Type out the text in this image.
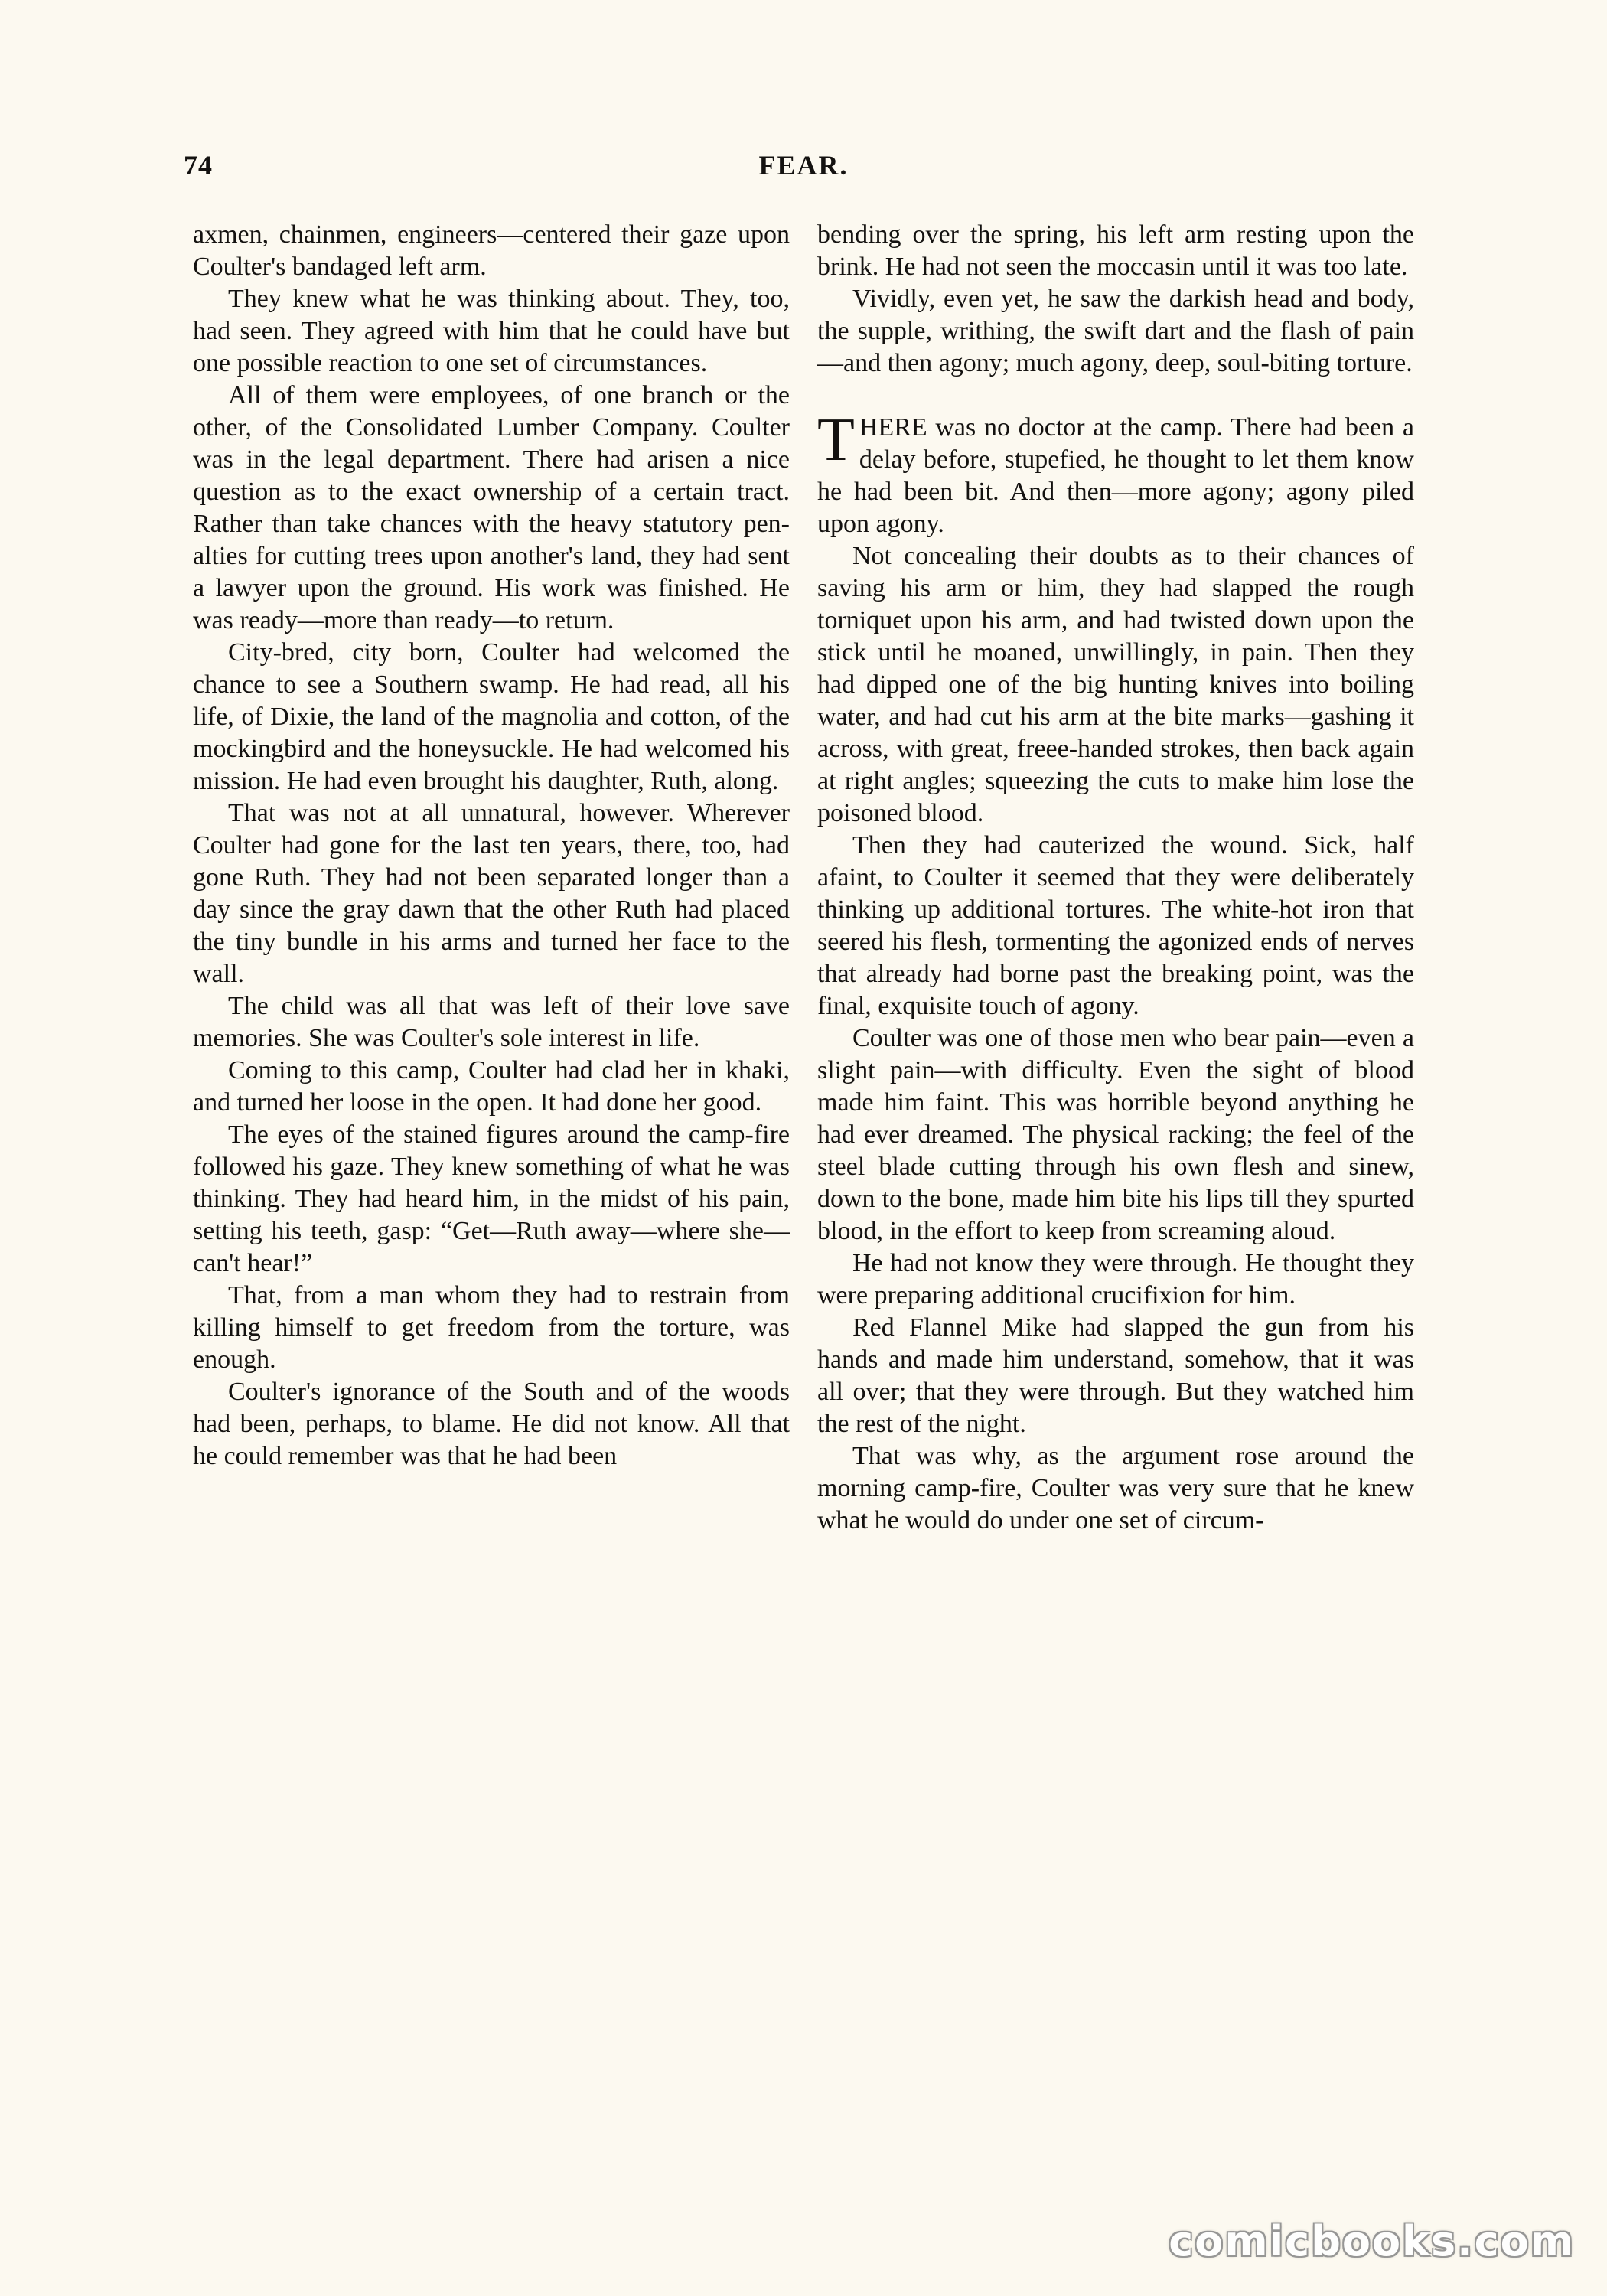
74	FEAR.

axmen, chainmen, engineers—centered their gaze upon Coulter's bandaged left arm.

They knew what he was thinking about. They, too, had seen. They agreed with him that he could have but one possible reaction to one set of circumstances.

All of them were employees, of one branch or the other, of the Consolidated Lumber Company. Coulter was in the legal department. There had arisen a nice question as to the exact ownership of a certain tract. Rather than take chances with the heavy statutory penalties for cutting trees upon another's land, they had sent a lawyer upon the ground. His work was finished. He was ready—more than ready—to return.

City-bred, city born, Coulter had welcomed the chance to see a Southern swamp. He had read, all his life, of Dixie, the land of the magnolia and cotton, of the mockingbird and the honeysuckle. He had welcomed his mission. He had even brought his daughter, Ruth, along.

That was not at all unnatural, however. Wherever Coulter had gone for the last ten years, there, too, had gone Ruth. They had not been separated longer than a day since the gray dawn that the other Ruth had placed the tiny bundle in his arms and turned her face to the wall.

The child was all that was left of their love save memories. She was Coulter's sole interest in life.

Coming to this camp, Coulter had clad her in khaki, and turned her loose in the open. It had done her good.

The eyes of the stained figures around the camp-fire followed his gaze. They knew something of what he was thinking. They had heard him, in the midst of his pain, setting his teeth, gasp: “Get—Ruth away—where she—can't hear!”

That, from a man whom they had to restrain from killing himself to get freedom from the torture, was enough.

Coulter's ignorance of the South and of the woods had been, perhaps, to blame. He did not know. All that he could remember was that he had been

bending over the spring, his left arm resting upon the brink. He had not seen the moccasin until it was too late.

Vividly, even yet, he saw the darkish head and body, the supple, writhing, the swift dart and the flash of pain—and then agony; much agony, deep, soul-biting torture.

THERE was no doctor at the camp. There had been a delay before, stupefied, he thought to let them know he had been bit. And then—more agony; agony piled upon agony.

Not concealing their doubts as to their chances of saving his arm or him, they had slapped the rough torniquet upon his arm, and had twisted down upon the stick until he moaned, unwillingly, in pain. Then they had dipped one of the big hunting knives into boiling water, and had cut his arm at the bite marks—gashing it across, with great, freee-handed strokes, then back again at right angles; squeezing the cuts to make him lose the poisoned blood.

Then they had cauterized the wound. Sick, half afaint, to Coulter it seemed that they were deliberately thinking up additional tortures. The white-hot iron that seered his flesh, tormenting the agonized ends of nerves that already had borne past the breaking point, was the final, exquisite touch of agony.

Coulter was one of those men who bear pain—even a slight pain—with difficulty. Even the sight of blood made him faint. This was horrible beyond anything he had ever dreamed. The physical racking; the feel of the steel blade cutting through his own flesh and sinew, down to the bone, made him bite his lips till they spurted blood, in the effort to keep from screaming aloud.

He had not know they were through. He thought they were preparing additional crucifixion for him.

Red Flannel Mike had slapped the gun from his hands and made him understand, somehow, that it was all over; that they were through. But they watched him the rest of the night.

That was why, as the argument rose around the morning camp-fire, Coulter was very sure that he knew what he would do under one set of circum-

comicbooks.com
